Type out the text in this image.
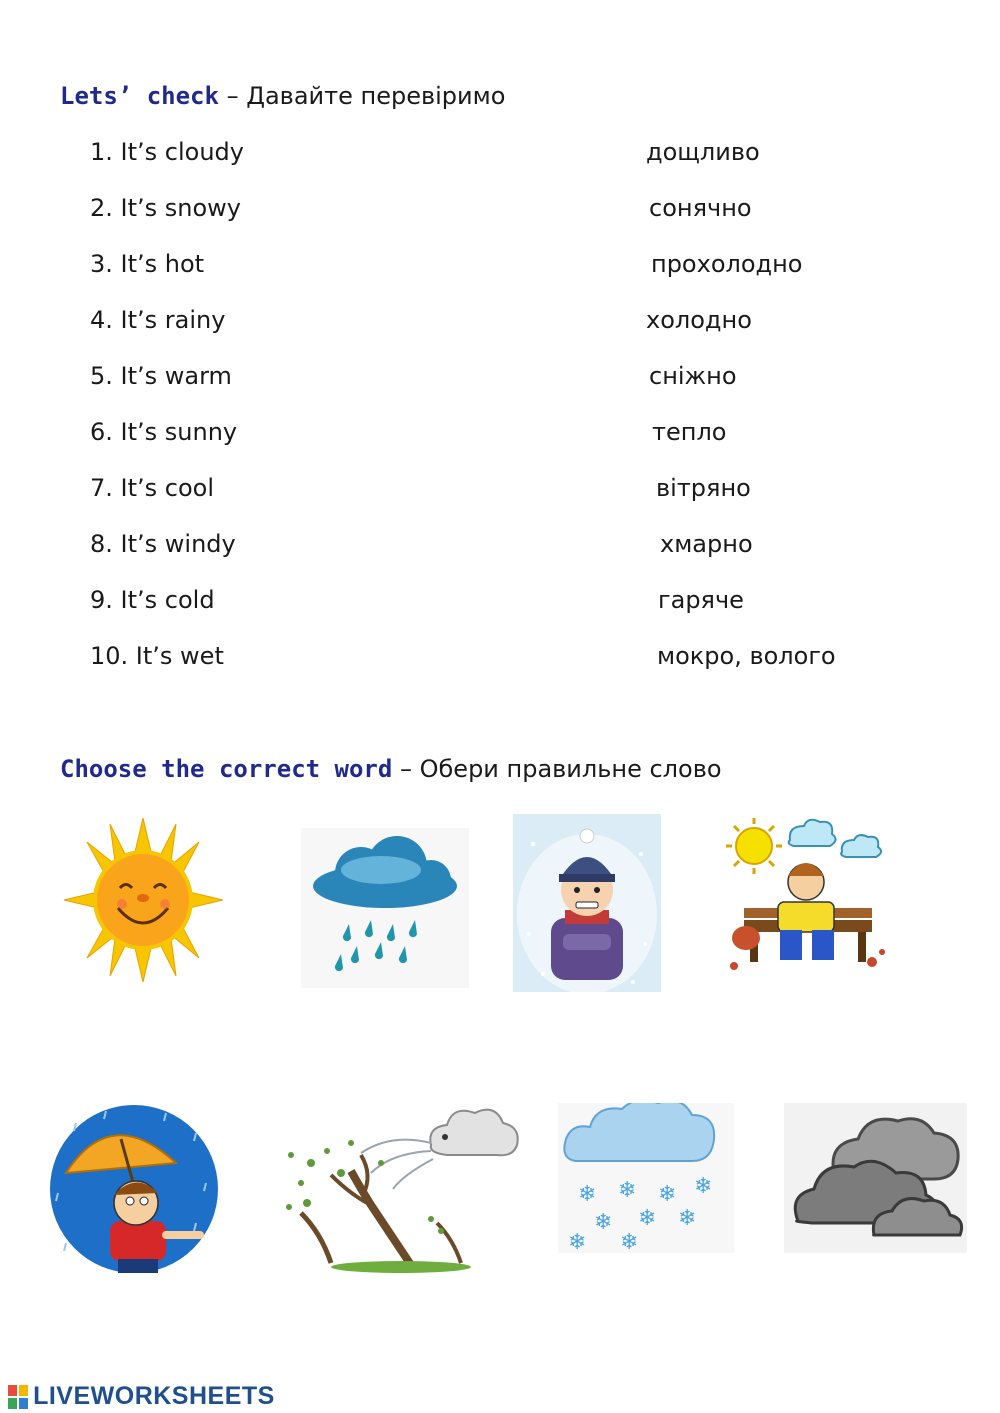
Lets’ check – Давайте перевіримо
1. It’s cloudy
2. It’s snowy
3. It’s hot
4. It’s rainy
5. It’s warm
6. It’s sunny
7. It’s cool
8. It’s windy
9. It’s cold
10. It’s wet
дощливо
сонячно
прохолодно
холодно
сніжно
тепло
вітряно
хмарно
гаряче
мокро, волого
Choose the correct word – Обери правильне слово
❄ ❄ ❄ ❄
❄ ❄ ❄
❄ ❄
LIVEWORKSHEETS
